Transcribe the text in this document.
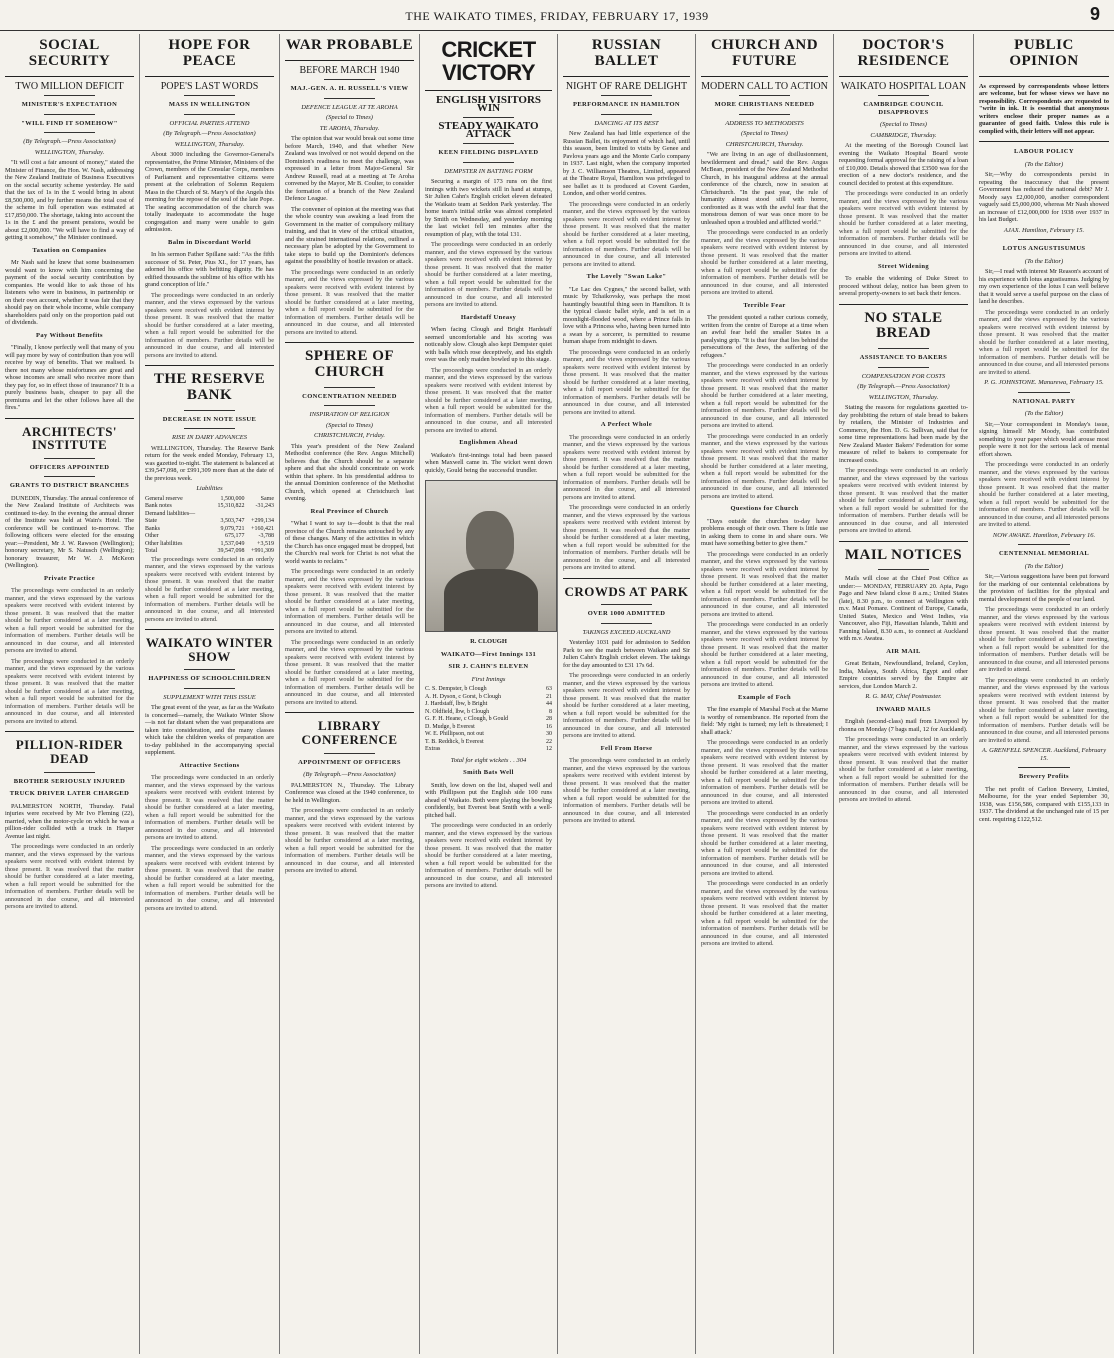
THE WAIKATO TIMES, FRIDAY, FEBRUARY 17, 1939	9
SOCIAL SECURITY
TWO MILLION DEFICIT
MINISTER'S EXPECTATION
"WILL FIND IT SOMEHOW"
(By Telegraph.—Press Association)
WELLINGTON, Thursday.

"It will cost a fair amount of money," stated the Minister of Finance, the Hon. W. Nash, addressing the New Zealand Institute of Business Executives on the social security scheme yesterday. He said that the tax of 1s in the £ would bring in about £8,500,000, and by further means the total cost of the scheme in full operation was estimated at £17,850,000. The shortage, taking into account the 1s in the £ and the present pensions, would be about £2,000,000. "We will have to find a way of getting it somehow," the Minister continued.

Taxation on Companies

Mr Nash said he knew that some businessmen would want to know with him concerning the payment of the social security contribution by companies. He would like to ask those of his listeners who were in business, in partnership or on their own account, whether it was fair that they should pay on their whole income, while company shareholders paid only on the proportion paid out of dividends.

Pay Without Benefits

"Finally, I know perfectly well that many of you will pay more by way of contribution than you will receive by way of benefits. That we realised. Is there not many whose misfortunes are great and whose incomes are small who receive more than they pay for, so in effect those of insurance? It is a purely business basis, cheaper to pay all the premiums and let the other follows have all the fires."

ARCHITECTS' INSTITUTE
OFFICERS APPOINTED
GRANTS TO DISTRICT BRANCHES

DUNEDIN, Thursday. The annual conference of the New Zealand Institute of Architects was continued to-day. In the evening the annual dinner of the Institute was held at Wain's Hotel. The conference will be continued to-morrow. The following officers were elected for the ensuing year:—President, Mr J. W. Rawson (Wellington); honorary secretary, Mr S. Natusch (Wellington); honorary treasurer, Mr W. J. McKeon (Wellington).

Private Practice

The proceedings were conducted in an orderly manner, and the views expressed by the various speakers were received with evident interest by those present. It was resolved that the matter should be further considered at a later meeting, when a full report would be submitted for the information of members. Further details will be announced in due course, and all interested persons are invited to attend.

The proceedings were conducted in an orderly manner, and the views expressed by the various speakers were received with evident interest by those present. It was resolved that the matter should be further considered at a later meeting, when a full report would be submitted for the information of members. Further details will be announced in due course, and all interested persons are invited to attend.

PILLION-RIDER DEAD
BROTHER SERIOUSLY INJURED
TRUCK DRIVER LATER CHARGED

PALMERSTON NORTH, Thursday. Fatal injuries were received by Mr Ivo Fleming (22), married, when the motor-cycle on which he was a pillion-rider collided with a truck in Harper Avenue last night.

The proceedings were conducted in an orderly manner, and the views expressed by the various speakers were received with evident interest by those present. It was resolved that the matter should be further considered at a later meeting, when a full report would be submitted for the information of members. Further details will be announced in due course, and all interested persons are invited to attend.

HOPE FOR PEACE
POPE'S LAST WORDS
MASS IN WELLINGTON
OFFICIAL PARTIES ATTEND
(By Telegraph.—Press Association)
WELLINGTON, Thursday.

About 3000 including the Governor-General's representative, the Prime Minister, Ministers of the Crown, members of the Consular Corps, members of Parliament and representative citizens were present at the celebration of Solemn Requiem Mass in the Church of St. Mary's of the Angels this morning for the repose of the soul of the late Pope. The seating accommodation of the church was totally inadequate to accommodate the huge congregation and many were unable to gain admission.

Balm in Discordant World

In his sermon Father Spillane said: "As the fifth successor of St. Peter, Pius XI., for 17 years, has adorned his office with befitting dignity. He has edified thousands the sublime of his office with his grand conception of life."

The proceedings were conducted in an orderly manner, and the views expressed by the various speakers were received with evident interest by those present. It was resolved that the matter should be further considered at a later meeting, when a full report would be submitted for the information of members. Further details will be announced in due course, and all interested persons are invited to attend.

THE RESERVE BANK
DECREASE IN NOTE ISSUE
RISE IN DAIRY ADVANCES

WELLINGTON, Thursday. The Reserve Bank return for the week ended Monday, February 13, was gazetted to-night. The statement is balanced at £39,547,098, or £991,309 more than at the date of the previous week.

Liabilities
General reserve	1,500,000	Same
Bank notes	15,310,822	-31,243
Demand liabilities—		
State	3,503,747	+299,134
Banks	9,079,721	+160,421
Other	675,177	-3,788
Other liabilities	1,537,049	+3,519
Total	39,547,098	+991,309

The proceedings were conducted in an orderly manner, and the views expressed by the various speakers were received with evident interest by those present. It was resolved that the matter should be further considered at a later meeting, when a full report would be submitted for the information of members. Further details will be announced in due course, and all interested persons are invited to attend.

WAIKATO WINTER SHOW
HAPPINESS OF SCHOOLCHILDREN
SUPPLEMENT WITH THIS ISSUE

The great event of the year, as far as the Waikato is concerned—namely, the Waikato Winter Show—is not far distant when the vast preparations are taken into consideration, and the many classes which take the children weeks of preparation are to-day published in the accompanying special supplement.

Attractive Sections

The proceedings were conducted in an orderly manner, and the views expressed by the various speakers were received with evident interest by those present. It was resolved that the matter should be further considered at a later meeting, when a full report would be submitted for the information of members. Further details will be announced in due course, and all interested persons are invited to attend.

The proceedings were conducted in an orderly manner, and the views expressed by the various speakers were received with evident interest by those present. It was resolved that the matter should be further considered at a later meeting, when a full report would be submitted for the information of members. Further details will be announced in due course, and all interested persons are invited to attend.

WAR PROBABLE
BEFORE MARCH 1940
MAJ.-GEN. A. H. RUSSELL'S VIEW
DEFENCE LEAGUE AT TE AROHA
(Special to Times)
TE AROHA, Thursday.

The opinion that war would break out some time before March, 1940, and that whether New Zealand was involved or not would depend on the Dominion's readiness to meet the challenge, was expressed in a letter from Major-General Sir Andrew Russell, read at a meeting at Te Aroha convened by the Mayor, Mr B. Coulter, to consider the formation of a branch of the New Zealand Defence League.

The convener of opinion at the meeting was that the whole country was awaking a lead from the Government in the matter of compulsory military training, and that in view of the critical situation, and the strained international relations, outlined a necessary plan be adopted by the Government to take steps to build up the Dominion's defences against the possibility of hostile invasion or attack.

The proceedings were conducted in an orderly manner, and the views expressed by the various speakers were received with evident interest by those present. It was resolved that the matter should be further considered at a later meeting, when a full report would be submitted for the information of members. Further details will be announced in due course, and all interested persons are invited to attend.

SPHERE OF CHURCH
CONCENTRATION NEEDED
INSPIRATION OF RELIGION
(Special to Times)
CHRISTCHURCH, Friday.

This year's president of the New Zealand Methodist conference (the Rev. Angus Mitchell) believes that the Church should be a separate sphere and that she should concentrate on work within that sphere. In his presidential address to the annual Dominion conference of the Methodist Church, which opened at Christchurch last evening.

Real Province of Church

"What I want to say is—doubt is that the real province of the Church remains untouched by any of these changes. Many of the activities in which the Church has once engaged must be dropped, but the Church's real work for Christ is not what the world wants to reclaim."

The proceedings were conducted in an orderly manner, and the views expressed by the various speakers were received with evident interest by those present. It was resolved that the matter should be further considered at a later meeting, when a full report would be submitted for the information of members. Further details will be announced in due course, and all interested persons are invited to attend.

The proceedings were conducted in an orderly manner, and the views expressed by the various speakers were received with evident interest by those present. It was resolved that the matter should be further considered at a later meeting, when a full report would be submitted for the information of members. Further details will be announced in due course, and all interested persons are invited to attend.

LIBRARY CONFERENCE
APPOINTMENT OF OFFICERS
(By Telegraph.—Press Association)

PALMERSTON N., Thursday. The Library Conference was closed at the 1940 conference, to be held in Wellington.

The proceedings were conducted in an orderly manner, and the views expressed by the various speakers were received with evident interest by those present. It was resolved that the matter should be further considered at a later meeting, when a full report would be submitted for the information of members. Further details will be announced in due course, and all interested persons are invited to attend.

CRICKET VICTORY
ENGLISH VISITORS WIN
STEADY WAIKATO ATTACK
KEEN FIELDING DISPLAYED
DEMPSTER IN BATTING FORM

Securing a margin of 173 runs on the first innings with two wickets still in hand at stumps, Sir Julien Cahn's English cricket eleven defeated the Waikato team at Seddon Park yesterday. The home team's initial strike was almost completed by Smith on Wednesday, and yesterday morning the last wicket fell ten minutes after the resumption of play, with the total 131.

The proceedings were conducted in an orderly manner, and the views expressed by the various speakers were received with evident interest by those present. It was resolved that the matter should be further considered at a later meeting, when a full report would be submitted for the information of members. Further details will be announced in due course, and all interested persons are invited to attend.

Hardstaff Uneasy

When facing Clough and Bright Hardstaff seemed uncomfortable and his scoring was noticeably slow. Clough also kept Dempster quiet with balls which rose deceptively, and his eighth over was the only maiden bowled up to this stage.

The proceedings were conducted in an orderly manner, and the views expressed by the various speakers were received with evident interest by those present. It was resolved that the matter should be further considered at a later meeting, when a full report would be submitted for the information of members. Further details will be announced in due course, and all interested persons are invited to attend.

Englishmen Ahead

Waikato's first-innings total had been passed when Maxwell came in. The wicket went down quickly, Gould being the successful trundler.

R. CLOUGH
WAIKATO—First Innings 131
SIR J. CAHN'S ELEVEN
First Innings
C. S. Dempster, b Clough	63
A. H. Dyson, c Gorst, b Clough	21
J. Hardstaff, lbw, b Bright	44
N. Oldfield, lbw, b Clough	8
G. F. H. Heane, c Clough, b Gould	28
D. Mudge, b Everest	16
W. E. Phillipson, not out	30
T. B. Reddick, b Everest	22
Extras	12
Total for eight wickets . . 304
Smith Bats Well

Smith, low down on the list, shaped well and with Phillipson put the English side 100 runs ahead of Waikato. Both were playing the bowling confidently, but Everest beat Smith with a well-pitched ball.

The proceedings were conducted in an orderly manner, and the views expressed by the various speakers were received with evident interest by those present. It was resolved that the matter should be further considered at a later meeting, when a full report would be submitted for the information of members. Further details will be announced in due course, and all interested persons are invited to attend.

RUSSIAN BALLET
NIGHT OF RARE DELIGHT
PERFORMANCE IN HAMILTON
DANCING AT ITS BEST

New Zealand has had little experience of the Russian Ballet, its enjoyment of which had, until this season, been limited to visits by Genee and Pavlova years ago and the Monte Carlo company in 1937. Last night, when the company imported by J. C. Williamson Theatres, Limited, appeared at the Theatre Royal, Hamilton was privileged to see ballet as it is produced at Covent Garden, London, and other world centres.

The proceedings were conducted in an orderly manner, and the views expressed by the various speakers were received with evident interest by those present. It was resolved that the matter should be further considered at a later meeting, when a full report would be submitted for the information of members. Further details will be announced in due course, and all interested persons are invited to attend.

The Lovely "Swan Lake"

"Le Lac des Cygnes," the second ballet, with music by Tchaikovsky, was perhaps the most hauntingly beautiful thing seen in Hamilton. It is the typical classic ballet style, and is set in a moonlight-flooded wood, where a Prince falls in love with a Princess who, having been turned into a swan by a sorcerer, is permitted to resume human shape from midnight to dawn.

The proceedings were conducted in an orderly manner, and the views expressed by the various speakers were received with evident interest by those present. It was resolved that the matter should be further considered at a later meeting, when a full report would be submitted for the information of members. Further details will be announced in due course, and all interested persons are invited to attend.

A Perfect Whole

The proceedings were conducted in an orderly manner, and the views expressed by the various speakers were received with evident interest by those present. It was resolved that the matter should be further considered at a later meeting, when a full report would be submitted for the information of members. Further details will be announced in due course, and all interested persons are invited to attend.

The proceedings were conducted in an orderly manner, and the views expressed by the various speakers were received with evident interest by those present. It was resolved that the matter should be further considered at a later meeting, when a full report would be submitted for the information of members. Further details will be announced in due course, and all interested persons are invited to attend.

CROWDS AT PARK
OVER 1000 ADMITTED
TAKINGS EXCEED AUCKLAND

Yesterday 1031 paid for admission to Seddon Park to see the match between Waikato and Sir Julien Cahn's English cricket eleven. The takings for the day amounted to £31 17s 6d.

The proceedings were conducted in an orderly manner, and the views expressed by the various speakers were received with evident interest by those present. It was resolved that the matter should be further considered at a later meeting, when a full report would be submitted for the information of members. Further details will be announced in due course, and all interested persons are invited to attend.

Fell From Horse

The proceedings were conducted in an orderly manner, and the views expressed by the various speakers were received with evident interest by those present. It was resolved that the matter should be further considered at a later meeting, when a full report would be submitted for the information of members. Further details will be announced in due course, and all interested persons are invited to attend.

CHURCH AND FUTURE
MODERN CALL TO ACTION
MORE CHRISTIANS NEEDED
ADDRESS TO METHODISTS
(Special to Times)
CHRISTCHURCH, Thursday.

"We are living in an age of disillusionment, bewilderment and dread," said the Rev. Angus McBean, president of the New Zealand Methodist Church, in his inaugural address at the annual conference of the church, now in session at Christchurch. "In the past year, the rule of humanity almost stood still with horror, confronted as it was with the awful fear that the monstrous demon of war was once more to be unleashed upon a troubled and afflicted world."

The proceedings were conducted in an orderly manner, and the views expressed by the various speakers were received with evident interest by those present. It was resolved that the matter should be further considered at a later meeting, when a full report would be submitted for the information of members. Further details will be announced in due course, and all interested persons are invited to attend.

Terrible Fear

The president quoted a rather curious comedy, written from the centre of Europe at a time when an awful fear held the smaller States in a paralysing grip. "It is that fear that lies behind the persecutions of the Jews, the suffering of the refugees."

The proceedings were conducted in an orderly manner, and the views expressed by the various speakers were received with evident interest by those present. It was resolved that the matter should be further considered at a later meeting, when a full report would be submitted for the information of members. Further details will be announced in due course, and all interested persons are invited to attend.

The proceedings were conducted in an orderly manner, and the views expressed by the various speakers were received with evident interest by those present. It was resolved that the matter should be further considered at a later meeting, when a full report would be submitted for the information of members. Further details will be announced in due course, and all interested persons are invited to attend.

Questions for Church

"Days outside the churches to-day have problems enough of their own. There is little use in asking them to come in and share ours. We must have something better to give them."

The proceedings were conducted in an orderly manner, and the views expressed by the various speakers were received with evident interest by those present. It was resolved that the matter should be further considered at a later meeting, when a full report would be submitted for the information of members. Further details will be announced in due course, and all interested persons are invited to attend.

The proceedings were conducted in an orderly manner, and the views expressed by the various speakers were received with evident interest by those present. It was resolved that the matter should be further considered at a later meeting, when a full report would be submitted for the information of members. Further details will be announced in due course, and all interested persons are invited to attend.

Example of Foch

The fine example of Marshal Foch at the Marne is worthy of remembrance. He reported from the field: 'My right is turned; my left is threatened; I shall attack.'

The proceedings were conducted in an orderly manner, and the views expressed by the various speakers were received with evident interest by those present. It was resolved that the matter should be further considered at a later meeting, when a full report would be submitted for the information of members. Further details will be announced in due course, and all interested persons are invited to attend.

The proceedings were conducted in an orderly manner, and the views expressed by the various speakers were received with evident interest by those present. It was resolved that the matter should be further considered at a later meeting, when a full report would be submitted for the information of members. Further details will be announced in due course, and all interested persons are invited to attend.

The proceedings were conducted in an orderly manner, and the views expressed by the various speakers were received with evident interest by those present. It was resolved that the matter should be further considered at a later meeting, when a full report would be submitted for the information of members. Further details will be announced in due course, and all interested persons are invited to attend.

DOCTOR'S RESIDENCE
WAIKATO HOSPITAL LOAN
CAMBRIDGE COUNCIL DISAPPROVES
(Special to Times)
CAMBRIDGE, Thursday.

At the meeting of the Borough Council last evening the Waikato Hospital Board wrote requesting formal approval for the raising of a loan of £10,000. Details showed that £3500 was for the erection of a new doctor's residence, and the council decided to protest at this expenditure.

The proceedings were conducted in an orderly manner, and the views expressed by the various speakers were received with evident interest by those present. It was resolved that the matter should be further considered at a later meeting, when a full report would be submitted for the information of members. Further details will be announced in due course, and all interested persons are invited to attend.

Street Widening

To enable the widening of Duke Street to proceed without delay, notice has been given to several property-owners to set back their fences.

NO STALE BREAD
ASSISTANCE TO BAKERS
COMPENSATION FOR COSTS
(By Telegraph.—Press Association)
WELLINGTON, Thursday.

Stating the reasons for regulations gazetted to-day prohibiting the return of stale bread to bakers by retailers, the Minister of Industries and Commerce, the Hon. D. G. Sullivan, said that for some time representations had been made by the New Zealand Master Bakers' Federation for some measure of relief to bakers to compensate for increased costs.

The proceedings were conducted in an orderly manner, and the views expressed by the various speakers were received with evident interest by those present. It was resolved that the matter should be further considered at a later meeting, when a full report would be submitted for the information of members. Further details will be announced in due course, and all interested persons are invited to attend.

MAIL NOTICES

Mails will close at the Chief Post Office as under:— MONDAY, FEBRUARY 20. Apia, Pago Pago and New Island close 8 a.m.; United States (late), 8.30 p.m., to connect at Wellington with m.v. Maui Pomare. Continent of Europe, Canada, United States, Mexico and West Indies, via Vancouver, also Fiji, Hawaiian Islands, Tahiti and Fanning Island, 8.30 a.m., to connect at Auckland with m.v. Awatea.

AIR MAIL

Great Britain, Newfoundland, Ireland, Ceylon, India, Malaya, South Africa, Egypt and other Empire countries served by the Empire air services, due London March 2.

R. G. MAY, Chief Postmaster.
INWARD MAILS

English (second-class) mail from Liverpool by rhonna on Monday (7 bags mail, 12 for Auckland).

The proceedings were conducted in an orderly manner, and the views expressed by the various speakers were received with evident interest by those present. It was resolved that the matter should be further considered at a later meeting, when a full report would be submitted for the information of members. Further details will be announced in due course, and all interested persons are invited to attend.

PUBLIC OPINION

As expressed by correspondents whose letters are welcome, but for whose views we have no responsibility. Correspondents are requested to "write in ink. It is essential that anonymous writers enclose their proper names as a guarantee of good faith. Unless this rule is complied with, their letters will not appear.

LABOUR POLICY
(To the Editor)

Sir,—Why do correspondents persist in repeating the inaccuracy that the present Government has reduced the national debt? Mr J. Moody says £2,000,000, another correspondent vaguely said £5,000,000, whereas Mr Nash showed an increase of £12,000,000 for 1938 over 1937 in his last Budget.

AJAX. Hamilton, February 15.
LOTUS ANGUSTISUMUS
(To the Editor)

Sir,—I read with interest Mr Reason's account of his experience with lotus angustisumus. Judging by my own experience of the lotus I can well believe that it would serve a useful purpose on the class of land he describes.

The proceedings were conducted in an orderly manner, and the views expressed by the various speakers were received with evident interest by those present. It was resolved that the matter should be further considered at a later meeting, when a full report would be submitted for the information of members. Further details will be announced in due course, and all interested persons are invited to attend.

P. G. JOHNSTONE. Manurewa, February 15.
NATIONAL PARTY
(To the Editor)

Sir,—Your correspondent in Monday's issue, signing himself Mr Moody, has contributed something to your paper which would arouse most people were it not for the serious lack of mental effort shown.

The proceedings were conducted in an orderly manner, and the views expressed by the various speakers were received with evident interest by those present. It was resolved that the matter should be further considered at a later meeting, when a full report would be submitted for the information of members. Further details will be announced in due course, and all interested persons are invited to attend.

NOW AWAKE. Hamilton, February 16.
CENTENNIAL MEMORIAL
(To the Editor)

Sir,—Various suggestions have been put forward for the marking of our centennial celebrations by the provision of facilities for the physical and mental development of the people of our land.

The proceedings were conducted in an orderly manner, and the views expressed by the various speakers were received with evident interest by those present. It was resolved that the matter should be further considered at a later meeting, when a full report would be submitted for the information of members. Further details will be announced in due course, and all interested persons are invited to attend.

The proceedings were conducted in an orderly manner, and the views expressed by the various speakers were received with evident interest by those present. It was resolved that the matter should be further considered at a later meeting, when a full report would be submitted for the information of members. Further details will be announced in due course, and all interested persons are invited to attend.

A. GRENFELL SPENCER. Auckland, February 15.
Brewery Profits

The net profit of Carlton Brewery, Limited, Melbourne, for the year ended September 30, 1938, was £156,586, compared with £155,133 in 1937. The dividend at the unchanged rate of 15 per cent. requiring £122,512.
